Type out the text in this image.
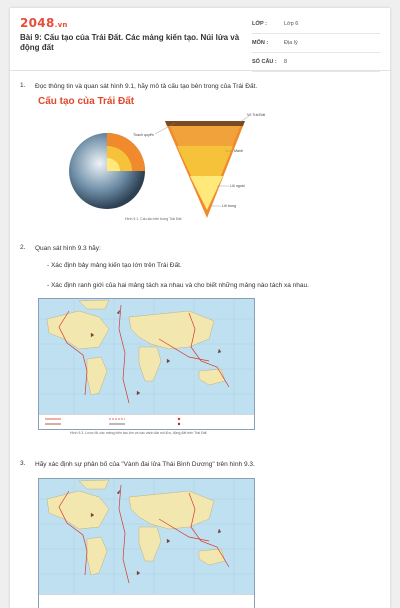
2048.vn
Bài 9: Cấu tạo của Trái Đất. Các mảng kiến tạo. Núi lửa và động đất
LỚP :	Lớp 6
MÔN :	Địa lý
SỐ CÂU : 8
1. Đọc thông tin và quan sát hình 9.1, hãy mô tả cấu tạo bên trong của Trái Đất.
Cấu tạo của Trái Đất
Vỏ Trái Đất
Thạch quyển
Manti
Lõi ngoài
Lõi trong
Hình 9.1. Cấu tạo bên trong Trái Đất
2. Quan sát hình 9.3 hãy:
- Xác định bảy mảng kiến tạo lớn trên Trái Đất.
- Xác định ranh giới của hai mảng tách xa nhau và cho biết những mảng nào tách xa nhau.
Hình 9.3. Lược đồ các mảng kiến tạo lớn và các vành đai núi lửa, động đất trên Trái Đất
3. Hãy xác định sự phân bố của "Vành đai lửa Thái Bình Dương" trên hình 9.3.
